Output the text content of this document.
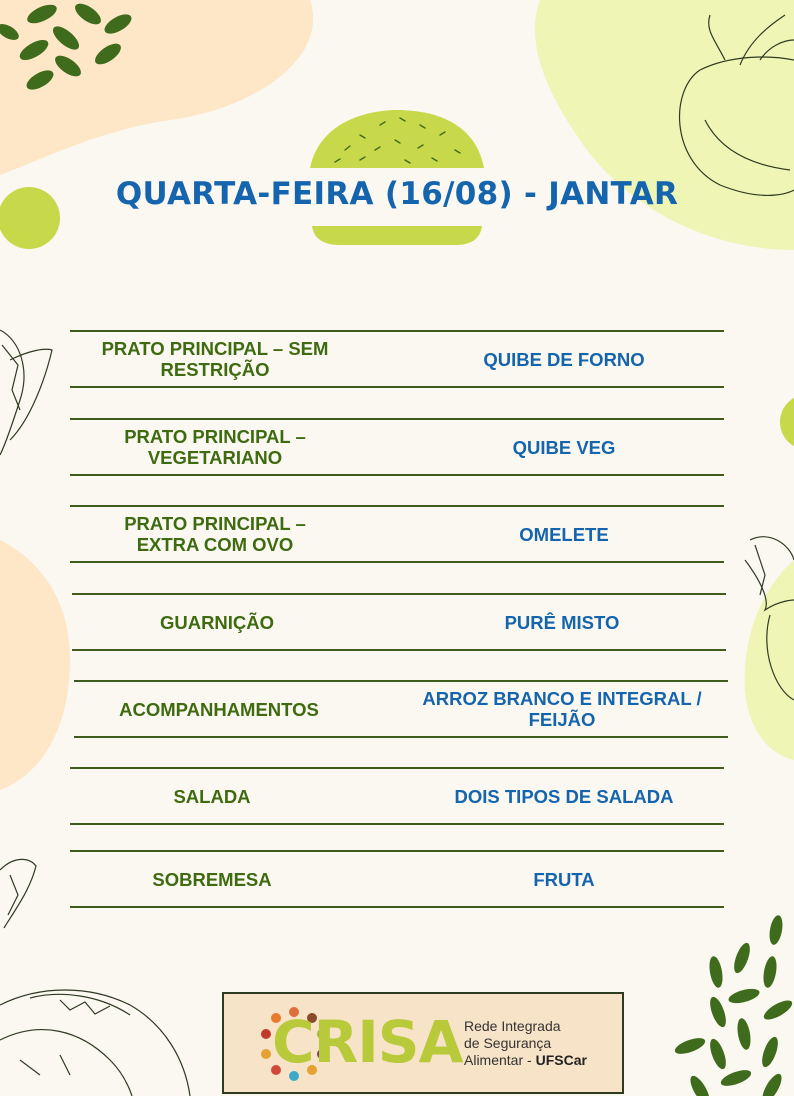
QUARTA-FEIRA (16/08) - JANTAR
PRATO PRINCIPAL – SEM RESTRIÇÃO	QUIBE DE FORNO
PRATO PRINCIPAL – VEGETARIANO	QUIBE VEG
PRATO PRINCIPAL – EXTRA COM OVO	OMELETE
GUARNIÇÃO	PURÊ MISTO
ACOMPANHAMENTOS	ARROZ BRANCO E INTEGRAL / FEIJÃO
SALADA	DOIS TIPOS DE SALADA
SOBREMESA	FRUTA
CRISA Rede Integrada
de Segurança
Alimentar - UFSCar
